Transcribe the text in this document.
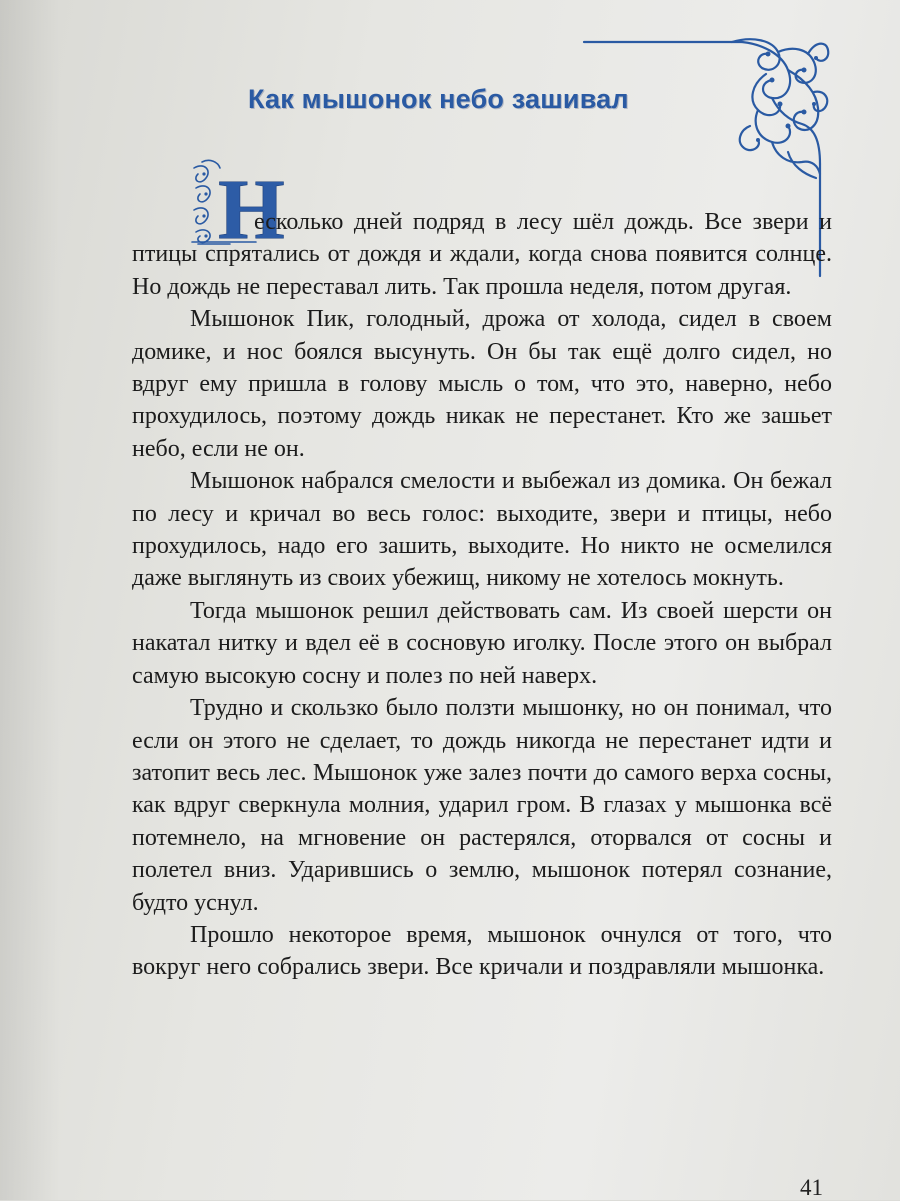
Как мышонок небо зашивал
Н

есколько дней подряд в лесу шёл дождь. Все звери и птицы спрятались от дождя и ждали, когда снова появится солнце. Но дождь не переставал лить. Так прошла неделя, потом другая.

Мышонок Пик, голодный, дрожа от холода, сидел в своем домике, и нос боялся высунуть. Он бы так ещё долго сидел, но вдруг ему пришла в голову мысль о том, что это, наверно, небо прохудилось, поэтому дождь никак не перестанет. Кто же зашьет небо, если не он.

Мышонок набрался смелости и выбежал из домика. Он бежал по лесу и кричал во весь голос: выходите, звери и птицы, небо прохудилось, надо его зашить, выходите. Но никто не осмелился даже выглянуть из своих убежищ, никому не хотелось мокнуть.

Тогда мышонок решил действовать сам. Из своей шерсти он накатал нитку и вдел её в сосновую иголку. После этого он выбрал самую высокую сосну и полез по ней наверх.

Трудно и скользко было ползти мышонку, но он понимал, что если он этого не сделает, то дождь никогда не перестанет идти и затопит весь лес. Мышонок уже залез почти до самого верха сосны, как вдруг сверкнула молния, ударил гром. В глазах у мышонка всё потемнело, на мгновение он растерялся, оторвался от сосны и полетел вниз. Ударившись о землю, мышонок потерял сознание, будто уснул.

Прошло некоторое время, мышонок очнулся от того, что вокруг него собрались звери. Все кричали и поздравляли мышонка.

41
